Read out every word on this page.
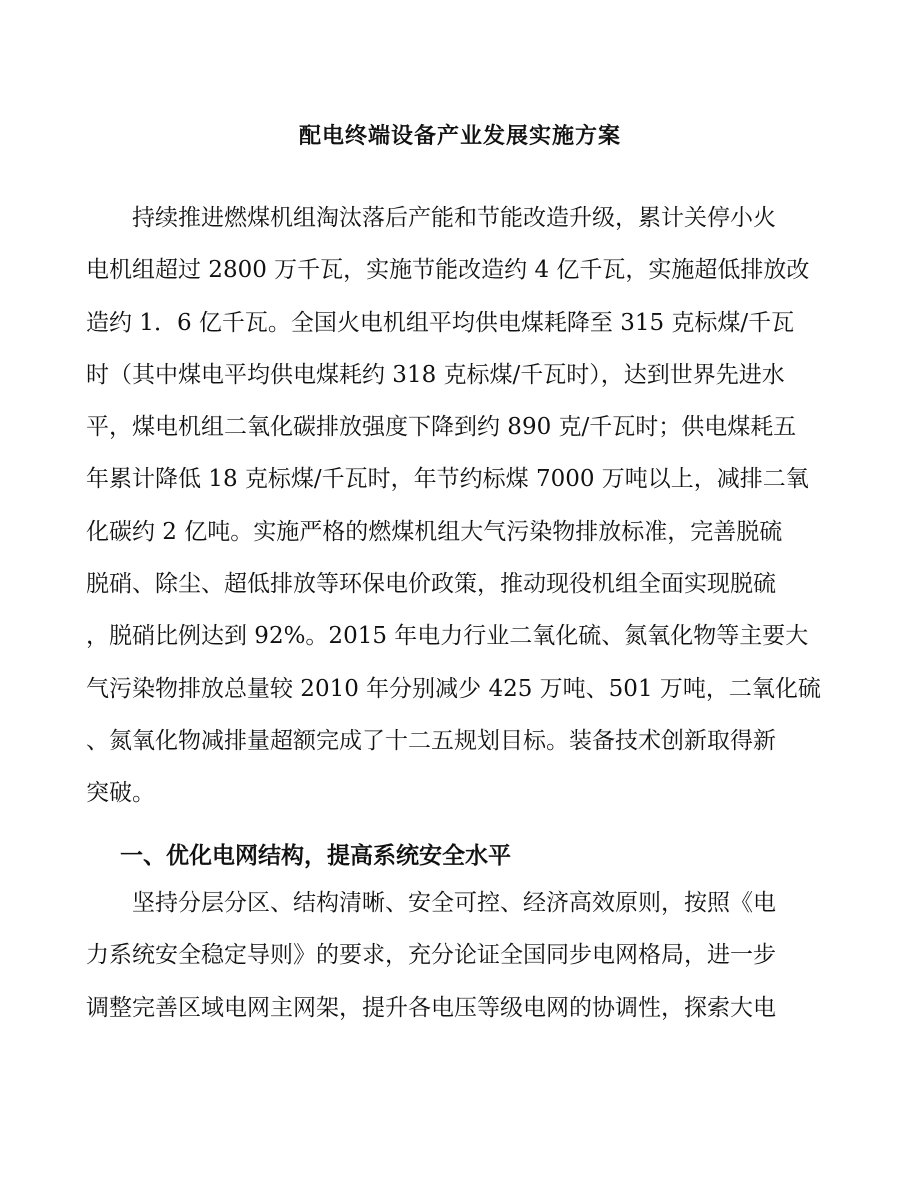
配电终端设备产业发展实施方案
　　持续推进燃煤机组淘汰落后产能和节能改造升级，累计关停小火
电机组超过 2800 万千瓦，实施节能改造约 4 亿千瓦，实施超低排放改
造约 1．6 亿千瓦。全国火电机组平均供电煤耗降至 315 克标煤/千瓦
时（其中煤电平均供电煤耗约 318 克标煤/千瓦时），达到世界先进水
平，煤电机组二氧化碳排放强度下降到约 890 克/千瓦时；供电煤耗五
年累计降低 18 克标煤/千瓦时，年节约标煤 7000 万吨以上，减排二氧
化碳约 2 亿吨。实施严格的燃煤机组大气污染物排放标准，完善脱硫
脱硝、除尘、超低排放等环保电价政策，推动现役机组全面实现脱硫
，脱硝比例达到 92%。2015 年电力行业二氧化硫、氮氧化物等主要大
气污染物排放总量较 2010 年分别减少 425 万吨、501 万吨，二氧化硫
、氮氧化物减排量超额完成了十二五规划目标。装备技术创新取得新
突破。
一、优化电网结构，提高系统安全水平
　　坚持分层分区、结构清晰、安全可控、经济高效原则，按照《电
力系统安全稳定导则》的要求，充分论证全国同步电网格局，进一步
调整完善区域电网主网架，提升各电压等级电网的协调性，探索大电
